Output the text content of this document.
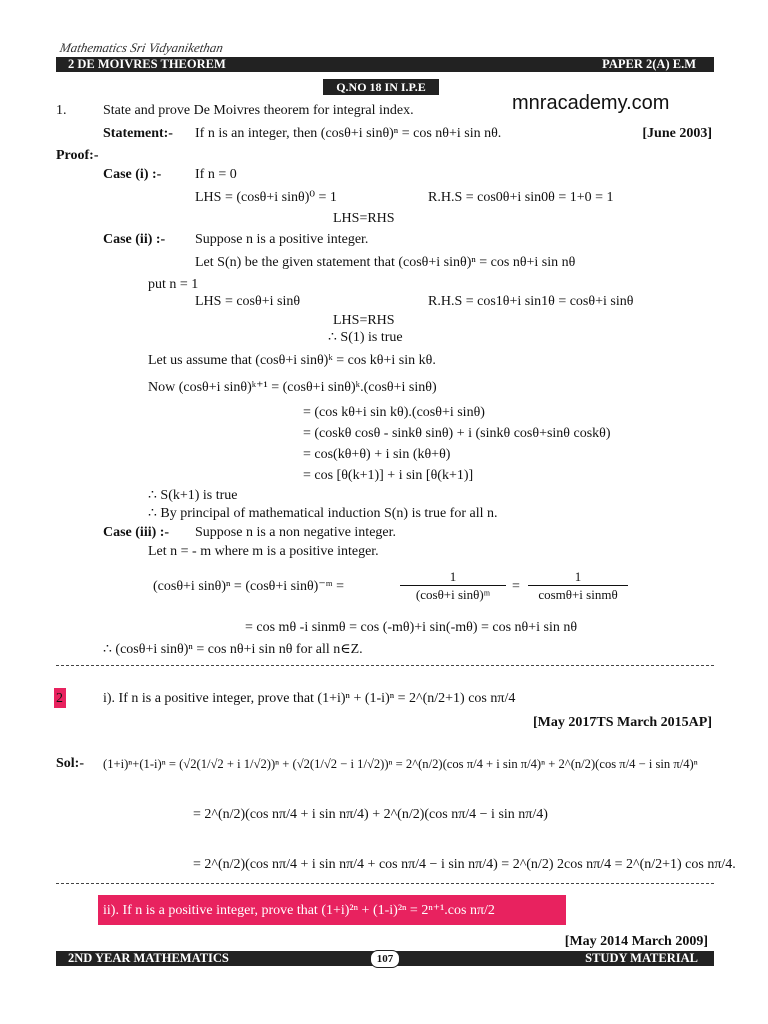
Mathematics Sri Vidyanikethan
2 DE MOIVRES THEOREM	PAPER 2(A) E.M
Q.NO 18 IN I.P.E
mnracademy.com
1.	State and prove De Moivres theorem for integral index.
Statement:- If n is an integer, then (cosθ+i sinθ)ⁿ = cos nθ+i sin nθ.	[June 2003]
Proof:-
Case (i) :- If n = 0
LHS = (cosθ+i sinθ)⁰ = 1	R.H.S = cos0θ+i sin0θ = 1+0 = 1
LHS=RHS
Case (ii) :- Suppose n is a positive integer.
Let S(n) be the given statement that (cosθ+i sinθ)ⁿ = cos nθ+i sin nθ
put n = 1
LHS = cosθ+i sinθ	R.H.S = cos1θ+i sin1θ = cosθ+i sinθ
LHS=RHS
∴ S(1) is true
Let us assume that (cosθ+i sinθ)ᵏ = cos kθ+i sin kθ.
Now (cosθ+i sinθ)ᵏ⁺¹ = (cosθ+i sinθ)ᵏ.(cosθ+i sinθ)
= (cos kθ+i sin kθ).(cosθ+i sinθ)
= (coskθ cosθ - sinkθ sinθ) + i (sinkθ cosθ+sinθ coskθ)
= cos(kθ+θ) + i sin (kθ+θ)
= cos [θ(k+1)] + i sin [θ(k+1)]
∴ S(k+1) is true
∴ By principal of mathematical induction S(n) is true for all n.
Case (iii) :- Suppose n is a non negative integer.
Let n = - m where m is a positive integer.
(cosθ+i sinθ)ⁿ = (cosθ+i sinθ)⁻ᵐ =	$\frac{1}{\text{(cosθ+i sinθ)ᵐ}} = \frac{1}{\text{cosmθ+i sinmθ}}$
= cos mθ -i sinmθ = cos (-mθ)+i sin(-mθ) = cos nθ+i sin nθ
∴ (cosθ+i sinθ)ⁿ = cos nθ+i sin nθ for all n∈Z.
2	i). If n is a positive integer, prove that (1+i)ⁿ + (1-i)ⁿ = 2^(n/2+1) cos nπ/4
[May 2017TS March 2015AP]
Sol:- (1+i)ⁿ+(1-i)ⁿ = (√2(1/√2 + i 1/√2))ⁿ + (√2(1/√2 − i 1/√2))ⁿ = 2^(n/2)(cos π/4 + i sin π/4)ⁿ + 2^(n/2)(cos π/4 − i sin π/4)ⁿ
= 2^(n/2)(cos nπ/4 + i sin nπ/4) + 2^(n/2)(cos nπ/4 − i sin nπ/4)
= 2^(n/2)(cos nπ/4 + i sin nπ/4 + cos nπ/4 − i sin nπ/4) = 2^(n/2) 2cos nπ/4 = 2^(n/2+1) cos nπ/4.
ii). If n is a positive integer, prove that (1+i)²ⁿ + (1-i)²ⁿ = 2ⁿ⁺¹.cos nπ/2
[May 2014 March 2009]
2ND YEAR MATHEMATICS	STUDY MATERIAL
107
